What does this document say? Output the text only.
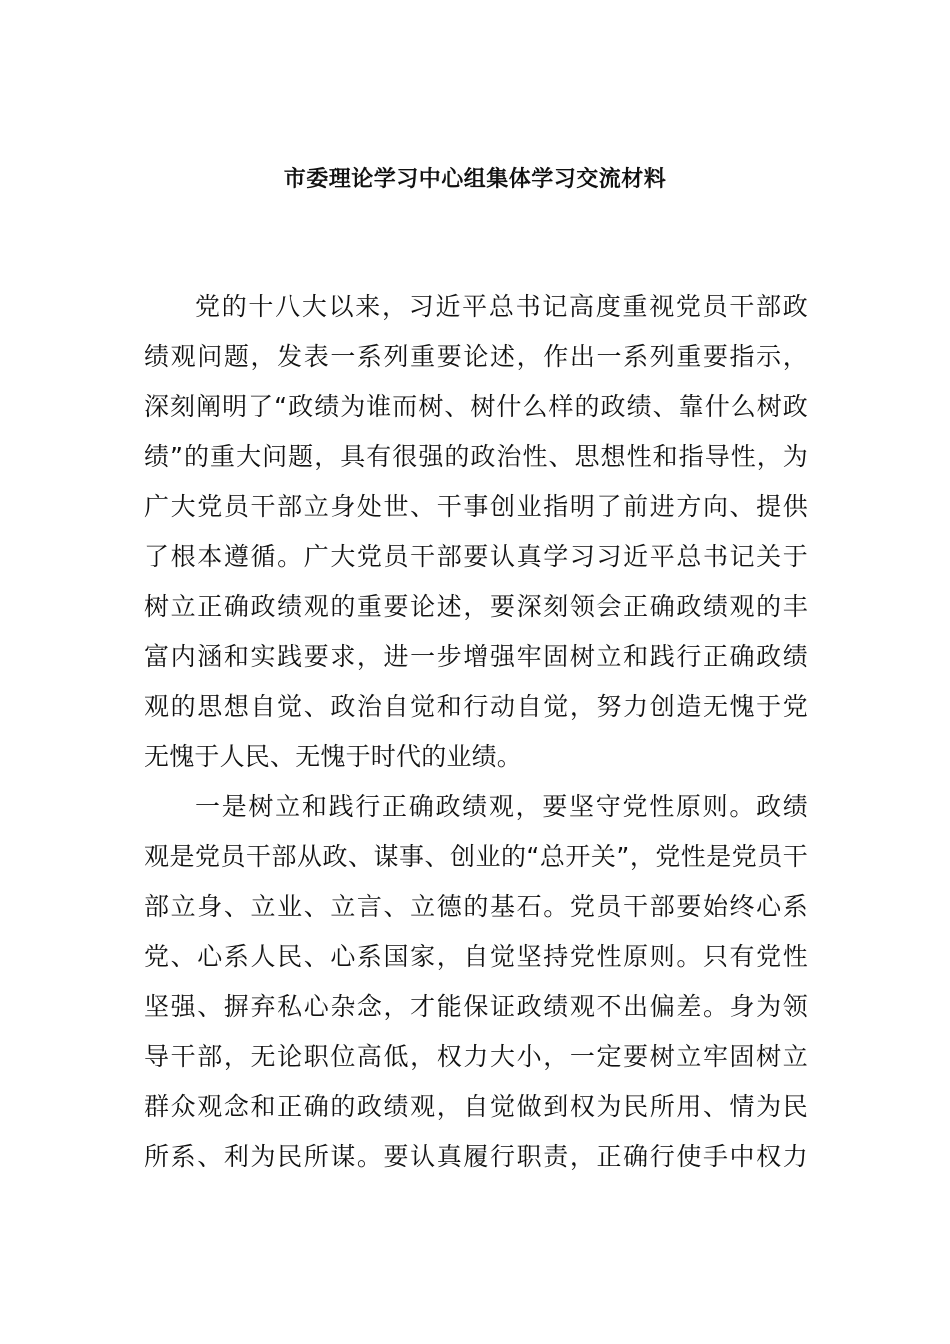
市委理论学习中心组集体学习交流材料
党的十八大以来，习近平总书记高度重视党员干部政
绩观问题，发表一系列重要论述，作出一系列重要指示，
深刻阐明了“政绩为谁而树、树什么样的政绩、靠什么树政
绩”的重大问题，具有很强的政治性、思想性和指导性，为
广大党员干部立身处世、干事创业指明了前进方向、提供
了根本遵循。广大党员干部要认真学习习近平总书记关于
树立正确政绩观的重要论述，要深刻领会正确政绩观的丰
富内涵和实践要求，进一步增强牢固树立和践行正确政绩
观的思想自觉、政治自觉和行动自觉，努力创造无愧于党
无愧于人民、无愧于时代的业绩。
一是树立和践行正确政绩观，要坚守党性原则。政绩
观是党员干部从政、谋事、创业的“总开关”，党性是党员干
部立身、立业、立言、立德的基石。党员干部要始终心系
党、心系人民、心系国家，自觉坚持党性原则。只有党性
坚强、摒弃私心杂念，才能保证政绩观不出偏差。身为领
导干部，无论职位高低，权力大小，一定要树立牢固树立
群众观念和正确的政绩观，自觉做到权为民所用、情为民
所系、利为民所谋。要认真履行职责，正确行使手中权力
